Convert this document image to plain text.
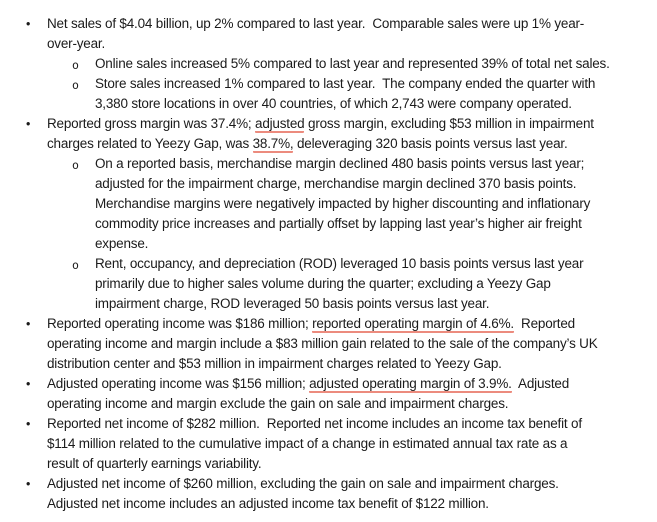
• Net sales of $4.04 billion, up 2% compared to last year.  Comparable sales were up 1% year-
over-year.
o Online sales increased 5% compared to last year and represented 39% of total net sales.
o Store sales increased 1% compared to last year.  The company ended the quarter with
3,380 store locations in over 40 countries, of which 2,743 were company operated.
• Reported gross margin was 37.4%; adjusted gross margin, excluding $53 million in impairment
charges related to Yeezy Gap, was 38.7%, deleveraging 320 basis points versus last year.
o On a reported basis, merchandise margin declined 480 basis points versus last year;
adjusted for the impairment charge, merchandise margin declined 370 basis points.
Merchandise margins were negatively impacted by higher discounting and inflationary
commodity price increases and partially offset by lapping last year’s higher air freight
expense.
o Rent, occupancy, and depreciation (ROD) leveraged 10 basis points versus last year
primarily due to higher sales volume during the quarter; excluding a Yeezy Gap
impairment charge, ROD leveraged 50 basis points versus last year.
• Reported operating income was $186 million; reported operating margin of 4.6%.  Reported
operating income and margin include a $83 million gain related to the sale of the company’s UK
distribution center and $53 million in impairment charges related to Yeezy Gap.
• Adjusted operating income was $156 million; adjusted operating margin of 3.9%.  Adjusted
operating income and margin exclude the gain on sale and impairment charges.
• Reported net income of $282 million.  Reported net income includes an income tax benefit of
$114 million related to the cumulative impact of a change in estimated annual tax rate as a
result of quarterly earnings variability.
• Adjusted net income of $260 million, excluding the gain on sale and impairment charges.
Adjusted net income includes an adjusted income tax benefit of $122 million.
